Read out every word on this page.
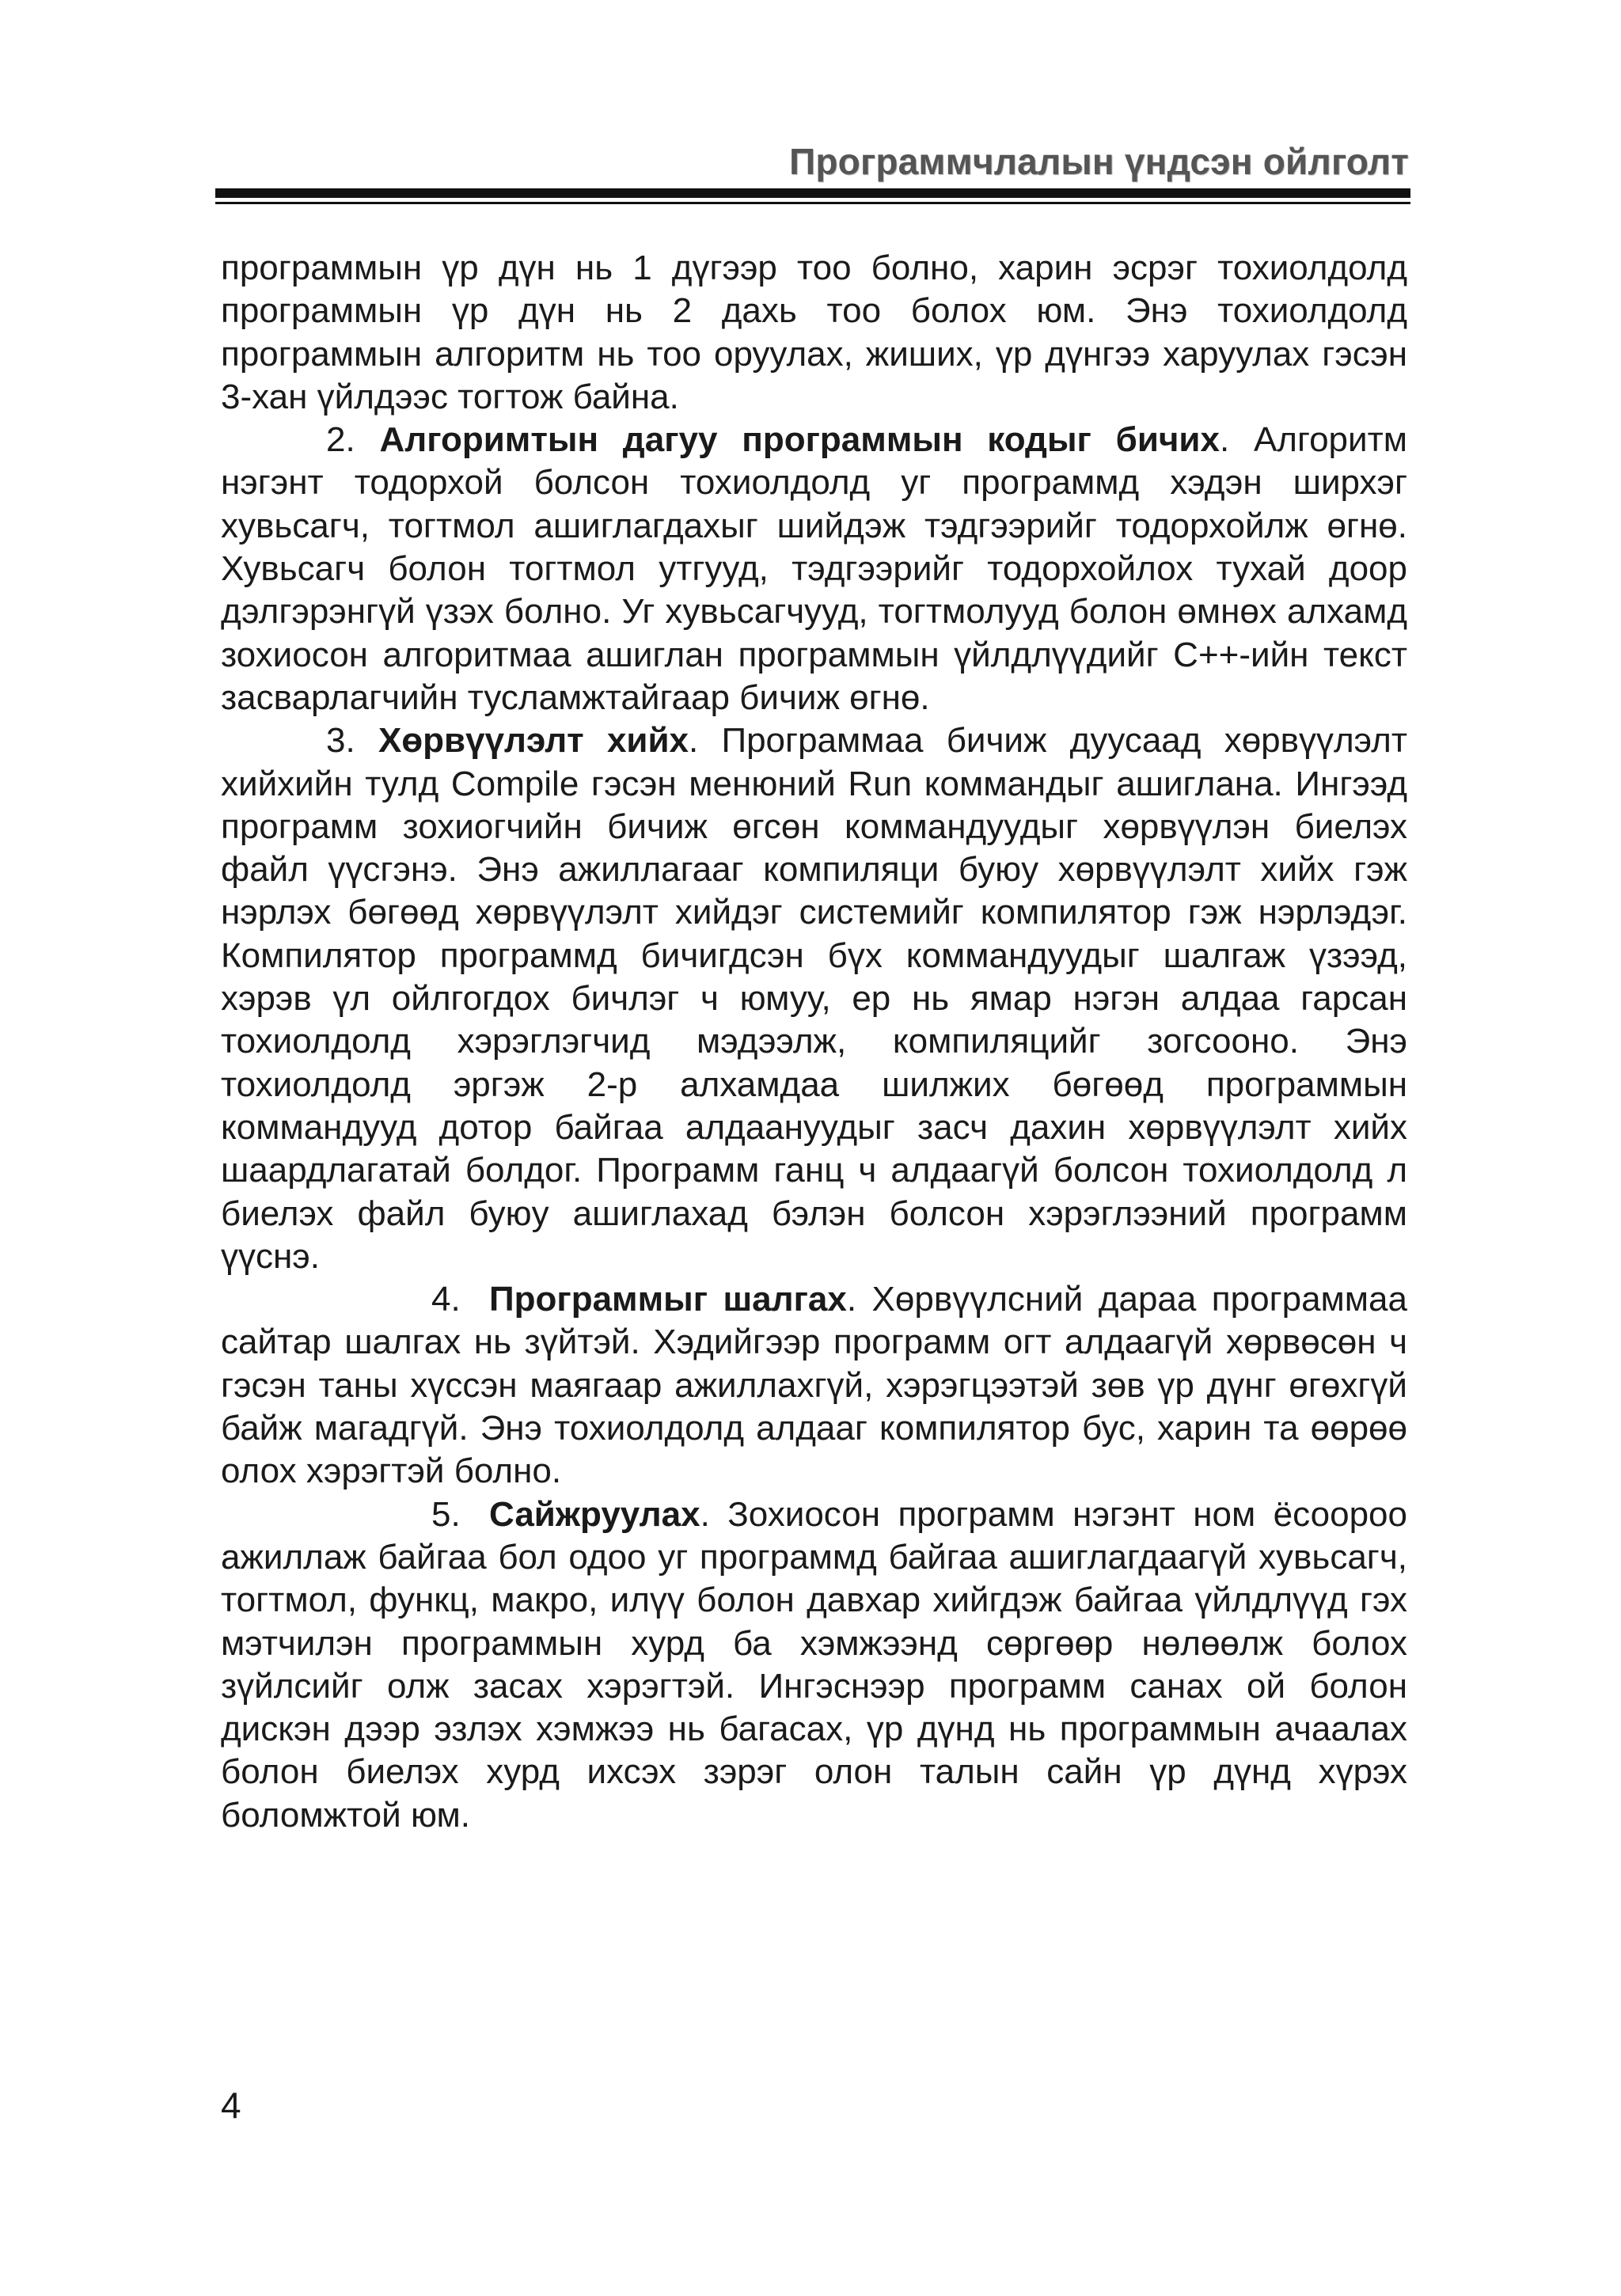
Программчлалын үндсэн ойлголт

программын үр дүн нь 1 дүгээр тоо болно, харин эсрэг тохиолдолд программын үр дүн нь 2 дахь тоо болох юм. Энэ тохиолдолд программын алгоритм нь тоо оруулах, жиших, үр дүнгээ харуулах гэсэн 3-хан үйлдээс тогтож байна.

2. Алгоримтын дагуу программын кодыг бичих. Алгоритм нэгэнт тодорхой болсон тохиолдолд уг программд хэдэн ширхэг хувьсагч, тогтмол ашиглагдахыг шийдэж тэдгээрийг тодорхойлж өгнө. Хувьсагч болон тогтмол утгууд, тэдгээрийг тодорхойлох тухай доор дэлгэрэнгүй үзэх болно. Уг хувьсагчууд, тогтмолууд болон өмнөх алхамд зохиосон алгоритмаа ашиглан программын үйлдлүүдийг C++-ийн текст засварлагчийн тусламжтайгаар бичиж өгнө.

3. Хөрвүүлэлт хийх. Программаа бичиж дуусаад хөрвүүлэлт хийхийн тулд Compile гэсэн менюний Run коммандыг ашиглана. Ингээд программ зохиогчийн бичиж өгсөн коммандуудыг хөрвүүлэн биелэх файл үүсгэнэ. Энэ ажиллагааг компиляци буюу хөрвүүлэлт хийх гэж нэрлэх бөгөөд хөрвүүлэлт хийдэг системийг компилятор гэж нэрлэдэг. Компилятор программд бичигдсэн бүх коммандуудыг шалгаж үзээд, хэрэв үл ойлгогдох бичлэг ч юмуу, ер нь ямар нэгэн алдаа гарсан тохиолдолд хэрэглэгчид мэдээлж, компиляцийг зогсооно. Энэ тохиолдолд эргэж 2-р алхамдаа шилжих бөгөөд программын коммандууд дотор байгаа алдаануудыг засч дахин хөрвүүлэлт хийх шаардлагатай болдог. Программ ганц ч алдаагүй болсон тохиолдолд л биелэх файл буюу ашиглахад бэлэн болсон хэрэглээний программ үүснэ.

4. Программыг шалгах. Хөрвүүлсний дараа программаа сайтар шалгах нь зүйтэй. Хэдийгээр программ огт алдаагүй хөрвөсөн ч гэсэн таны хүссэн маягаар ажиллахгүй, хэрэгцээтэй зөв үр дүнг өгөхгүй байж магадгүй. Энэ тохиолдолд алдааг компилятор бус, харин та өөрөө олох хэрэгтэй болно.

5. Сайжруулах. Зохиосон программ нэгэнт ном ёсоороо ажиллаж байгаа бол одоо уг программд байгаа ашиглагдаагүй хувьсагч, тогтмол, функц, макро, илүү болон давхар хийгдэж байгаа үйлдлүүд гэх мэтчилэн программын хурд ба хэмжээнд сөргөөр нөлөөлж болох зүйлсийг олж засах хэрэгтэй. Ингэснээр программ санах ой болон дискэн дээр эзлэх хэмжээ нь багасах, үр дүнд нь программын ачаалах болон биелэх хурд ихсэх зэрэг олон талын сайн үр дүнд хүрэх боломжтой юм.

4
